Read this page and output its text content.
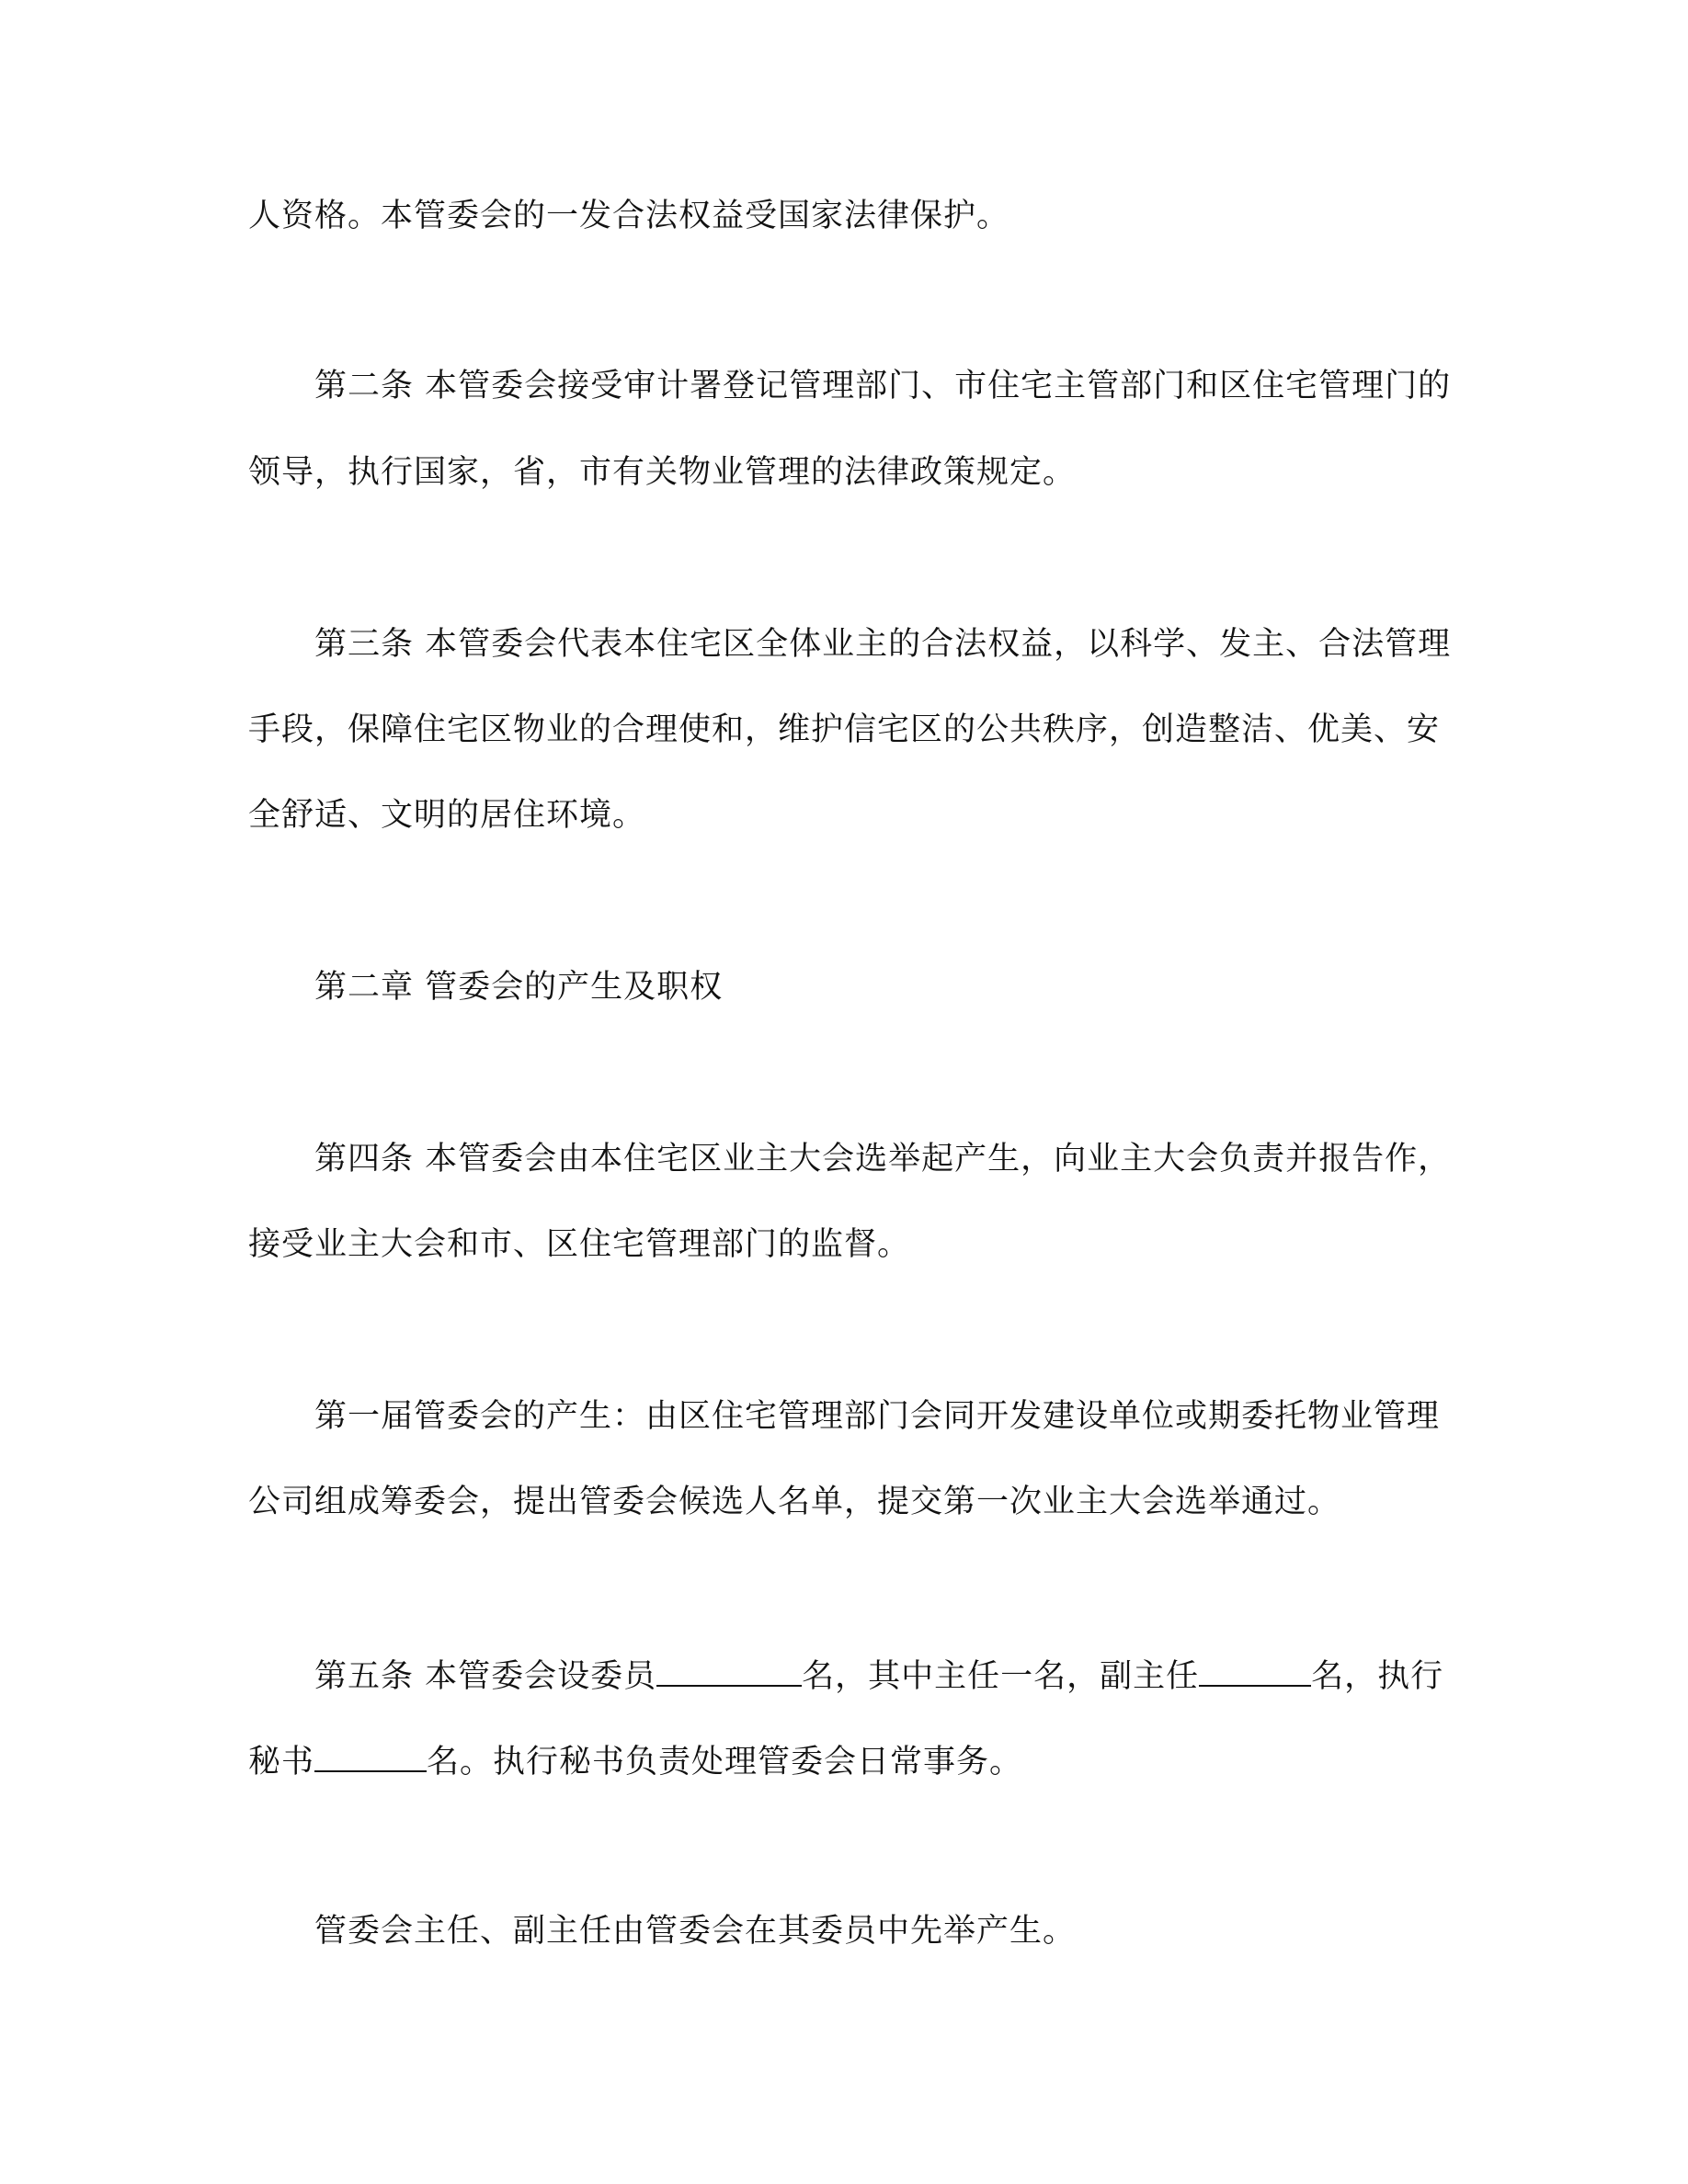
人资格。本管委会的一发合法权益受国家法律保护。
第二条 本管委会接受审计署登记管理部门、市住宅主管部门和区住宅管理门的
领导，执行国家，省，市有关物业管理的法律政策规定。
第三条 本管委会代表本住宅区全体业主的合法权益，以科学、发主、合法管理
手段，保障住宅区物业的合理使和，维护信宅区的公共秩序，创造整洁、优美、安
全舒适、文明的居住环境。
第二章 管委会的产生及职权
第四条 本管委会由本住宅区业主大会选举起产生，向业主大会负责并报告作，
接受业主大会和市、区住宅管理部门的监督。
第一届管委会的产生：由区住宅管理部门会同开发建设单位或期委托物业管理
公司组成筹委会，提出管委会候选人名单，提交第一次业主大会选举通过。
第五条 本管委会设委员	名，其中主任一名，副主任	名，执行
秘书	名。执行秘书负责处理管委会日常事务。
管委会主任、副主任由管委会在其委员中先举产生。
